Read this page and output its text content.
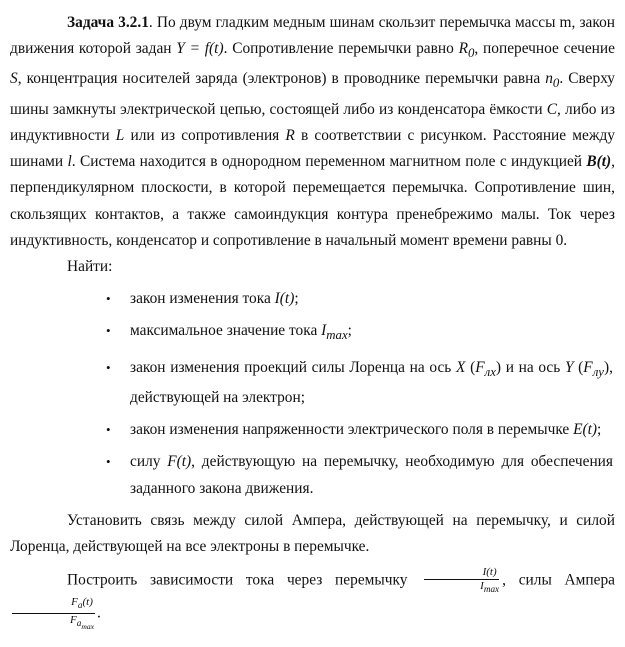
Задача 3.2.1. По двум гладким медным шинам скользит перемычка массы m, закон движения которой задан Y = f(t). Сопротивление перемычки равно $R_0$, поперечное сечение S, концентрация носителей заряда (электронов) в проводнике перемычки равна $n_0$. Сверху шины замкнуты электрической цепью, состоящей либо из конденсатора ёмкости C, либо из индуктивности L или из сопротивления R в соответствии с рисунком. Расстояние между шинами l. Система находится в однородном переменном магнитном поле с индукцией B(t), перпендикулярном плоскости, в которой перемещается перемычка. Сопротивление шин, скользящих контактов, а также самоиндукция контура пренебрежимо малы. Ток через индуктивность, конденсатор и сопротивление в начальный момент времени равны 0.

Найти:

• закон изменения тока I(t);
• максимальное значение тока $I_{max}$;
• закон изменения проекций силы Лоренца на ось X $(F_{лx})$ и на ось Y $(F_{лy})$, действующей на электрон;
• закон изменения напряженности электрического поля в перемычке E(t);
• силу F(t), действующую на перемычку, необходимую для обеспечения заданного закона движения.

Установить связь между силой Ампера, действующей на перемычку, и силой Лоренца, действующей на все электроны в перемычке.

Построить зависимости тока через перемычку $\frac{I(t)}{I_{max}}$ , силы Ампера
$\frac{F_a(t)}{F_{a_{max}}}$ .
